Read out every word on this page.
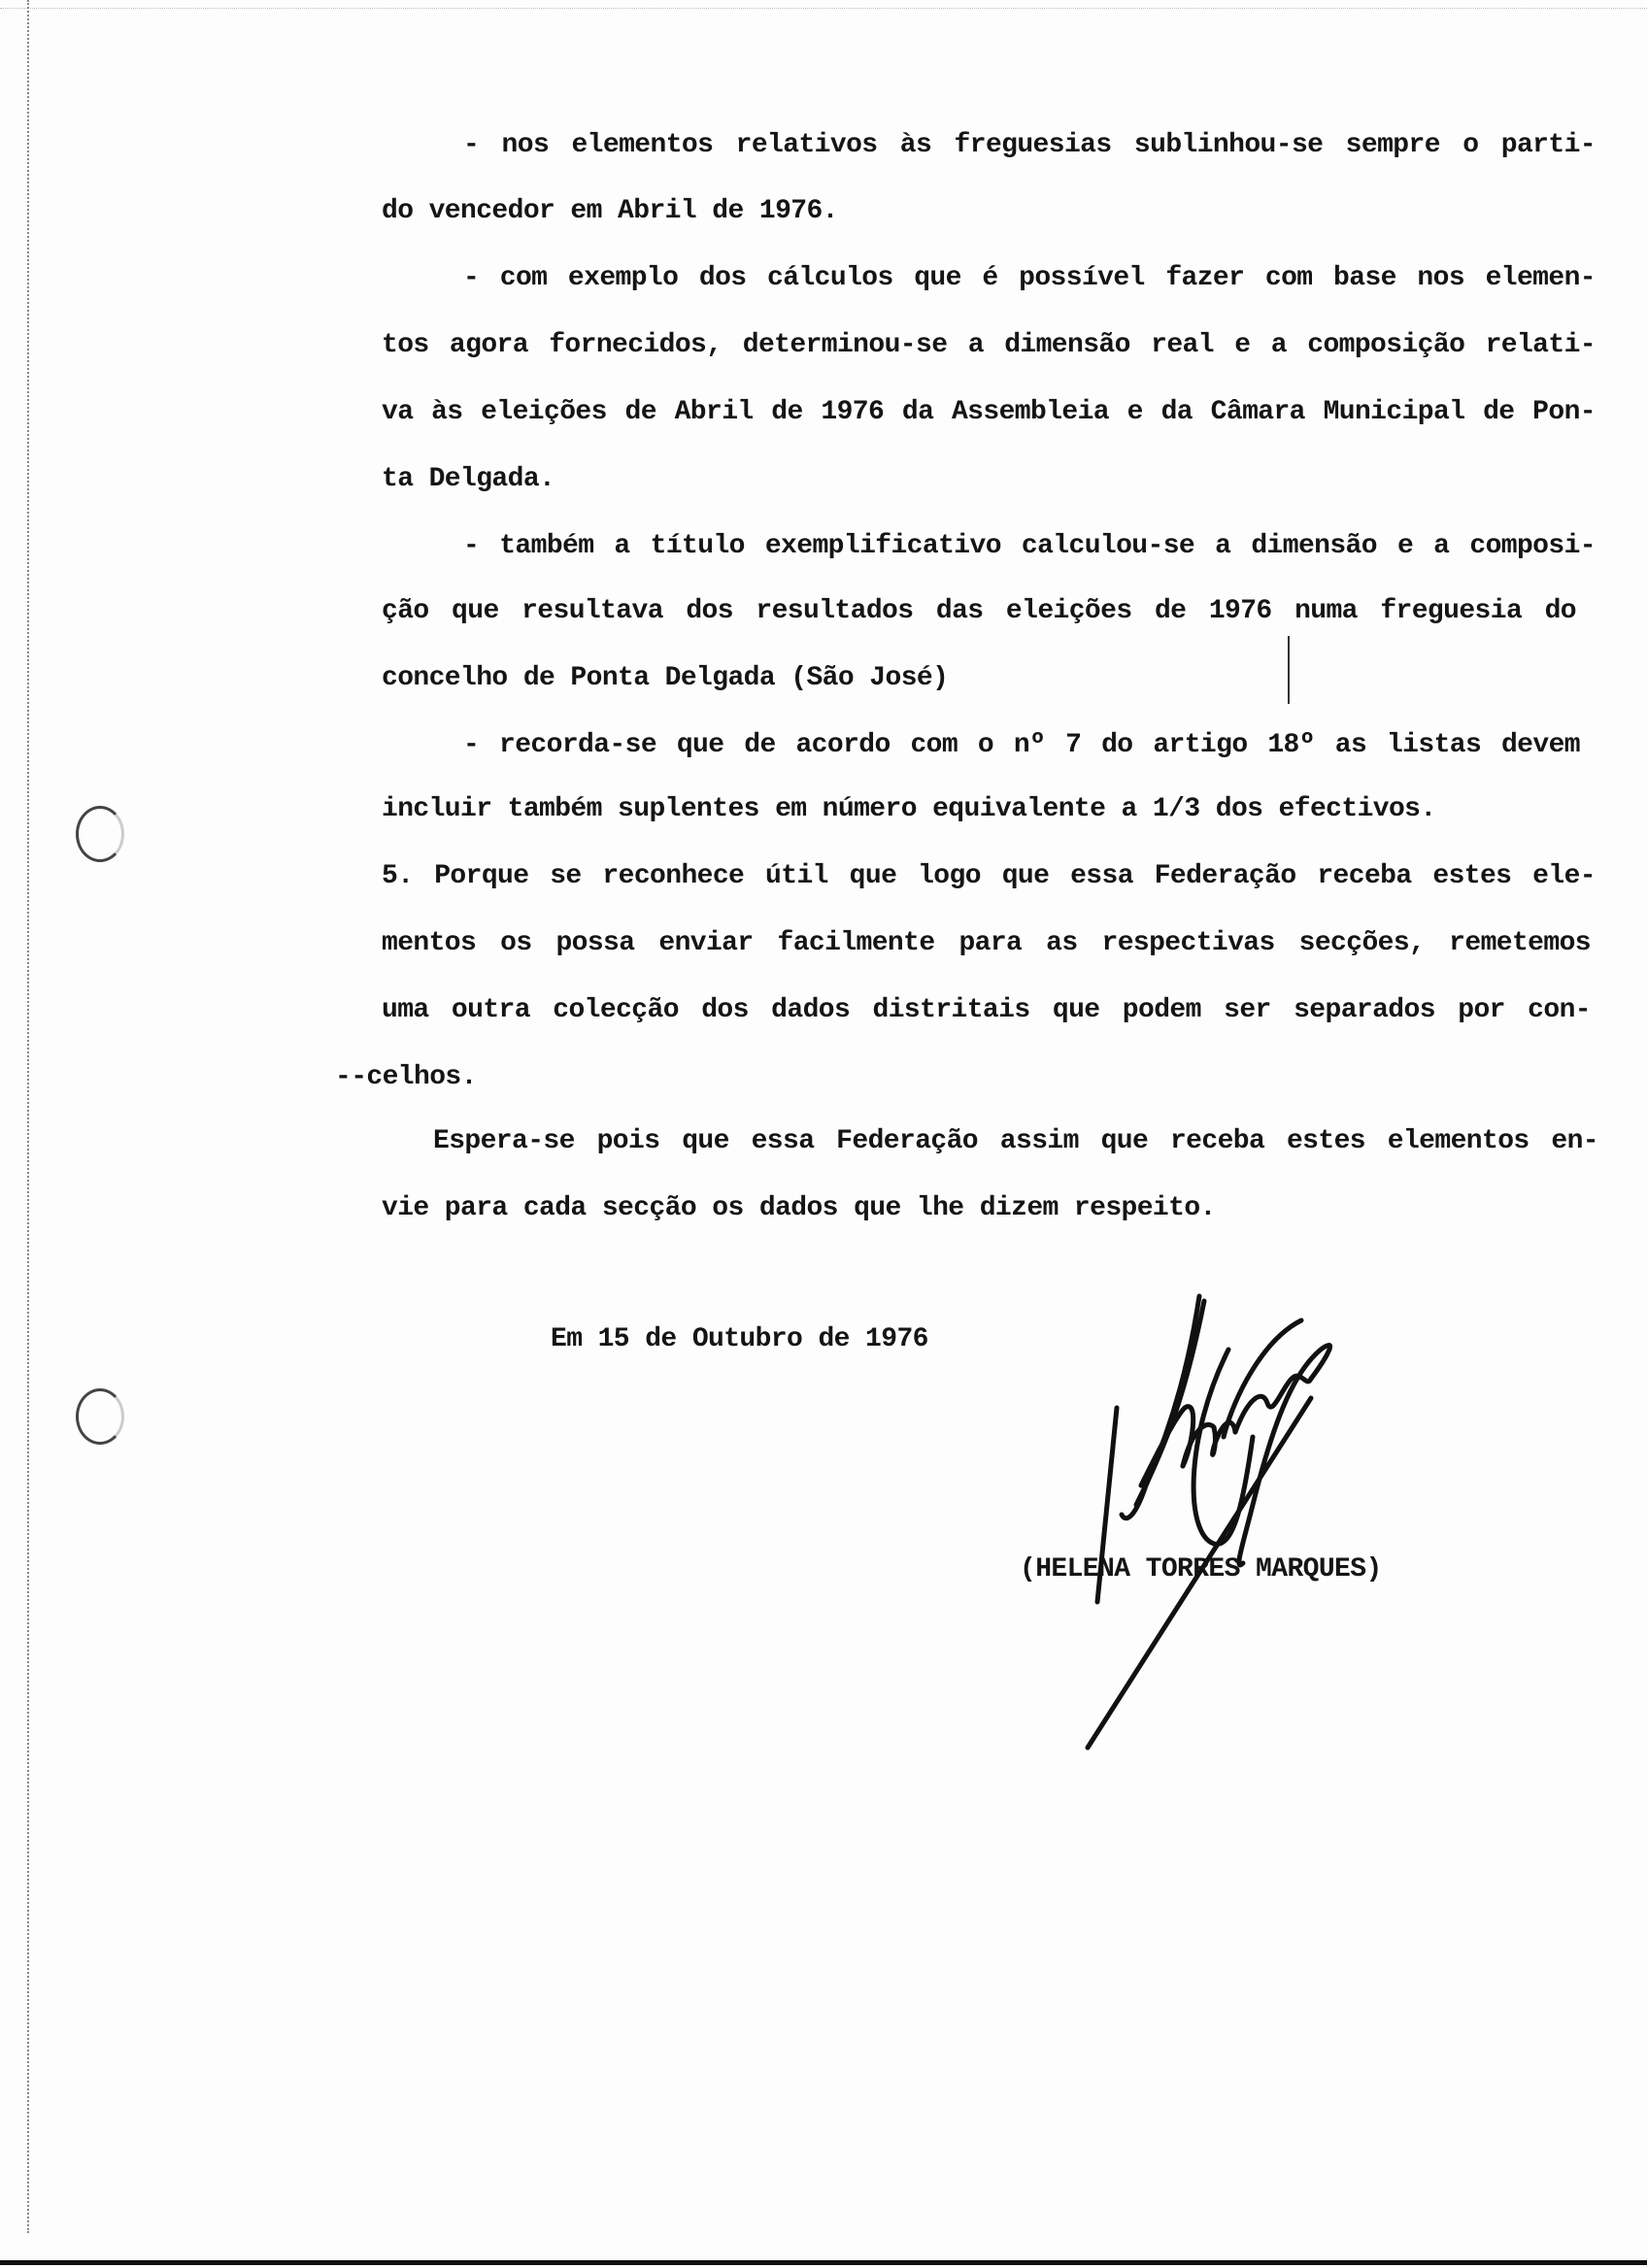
- nos elementos relativos às freguesias sublinhou-se sempre o parti-
do vencedor em Abril de 1976.
- com exemplo dos cálculos que é possível fazer com base nos elemen-
tos agora fornecidos, determinou-se a dimensão real e a composição relati-
va às eleições de Abril de 1976 da Assembleia e da Câmara Municipal de Pon-
ta Delgada.
- também a título exemplificativo calculou-se a dimensão e a composi-
ção que resultava dos resultados das eleições de 1976 numa freguesia do
concelho de Ponta Delgada (São José)
- recorda-se que de acordo com o nº 7 do artigo 18º as listas devem
incluir também suplentes em número equivalente a 1/3 dos efectivos.
5. Porque se reconhece útil que logo que essa Federação receba estes ele-
mentos os possa enviar facilmente para as respectivas secções, remetemos
uma outra colecção dos dados distritais que podem ser separados por con-
--celhos.
Espera-se pois que essa Federação assim que receba estes elementos en-
vie para cada secção os dados que lhe dizem respeito.
Em 15 de Outubro de 1976
(HELENA TORRES MARQUES)
